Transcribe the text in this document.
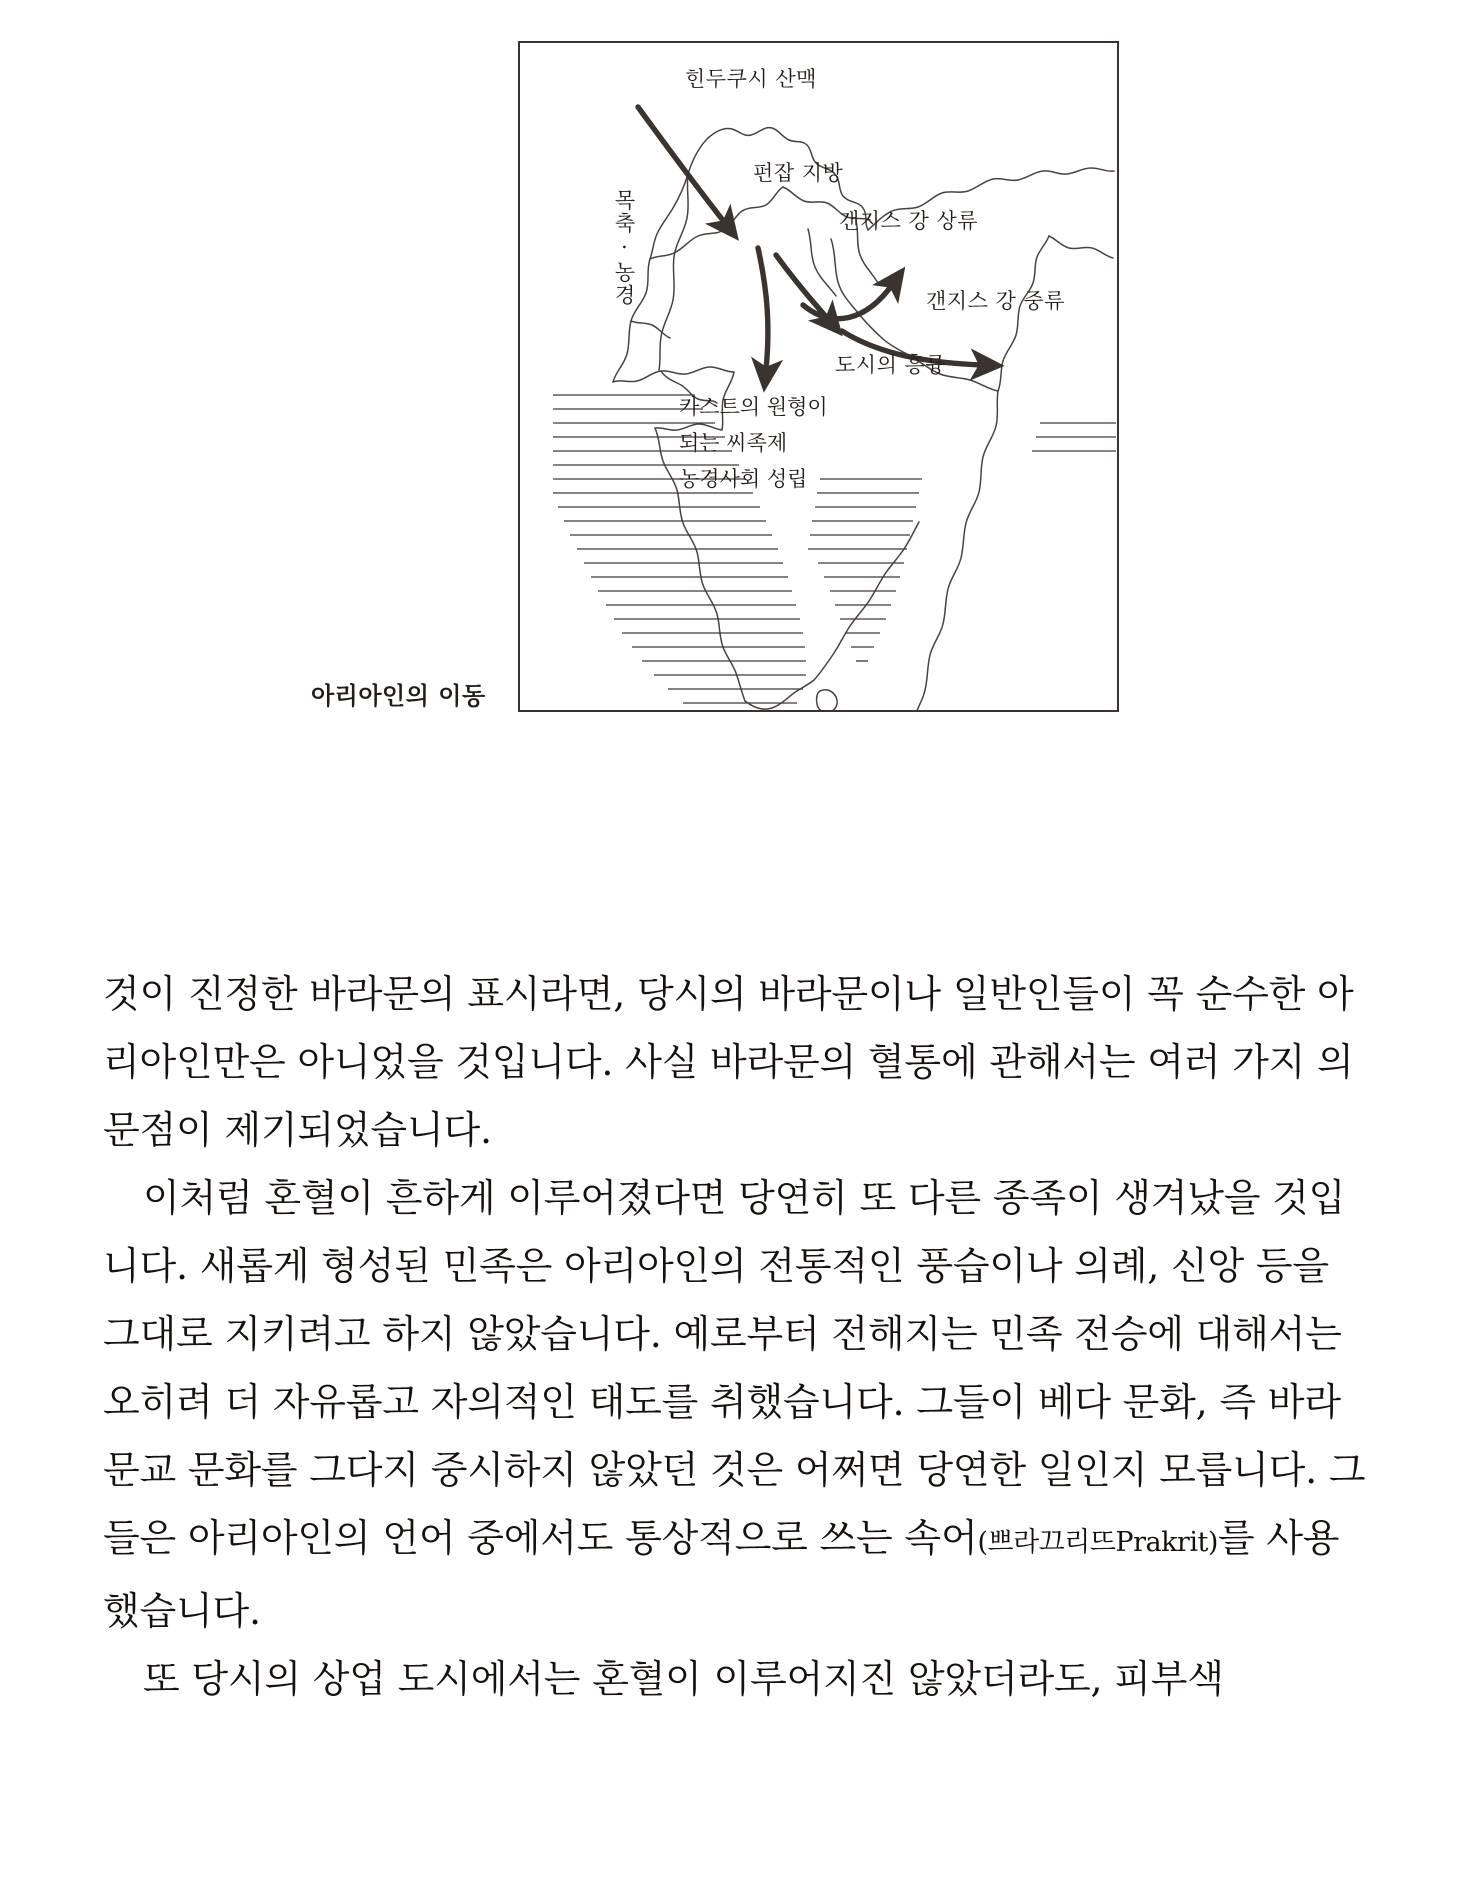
힌두쿠시 산맥
펀잡 지방
갠지스 강 상류
갠지스 강 중류
도시의 흥륭
목축 · 농경
카스트의 원형이
되는 씨족제
농경사회 성립
아리아인의 이동
것이 진정한 바라문의 표시라면, 당시의 바라문이나 일반인들이 꼭 순수한 아리아인만은 아니었을 것입니다. 사실 바라문의 혈통에 관해서는 여러 가지 의문점이 제기되었습니다.
이처럼 혼혈이 흔하게 이루어졌다면 당연히 또 다른 종족이 생겨났을 것입니다. 새롭게 형성된 민족은 아리아인의 전통적인 풍습이나 의례, 신앙 등을 그대로 지키려고 하지 않았습니다. 예로부터 전해지는 민족 전승에 대해서는 오히려 더 자유롭고 자의적인 태도를 취했습니다. 그들이 베다 문화, 즉 바라문교 문화를 그다지 중시하지 않았던 것은 어쩌면 당연한 일인지 모릅니다. 그들은 아리아인의 언어 중에서도 통상적으로 쓰는 속어(쁘라끄리뜨Prakrit)를 사용했습니다.
또 당시의 상업 도시에서는 혼혈이 이루어지진 않았더라도, 피부색
